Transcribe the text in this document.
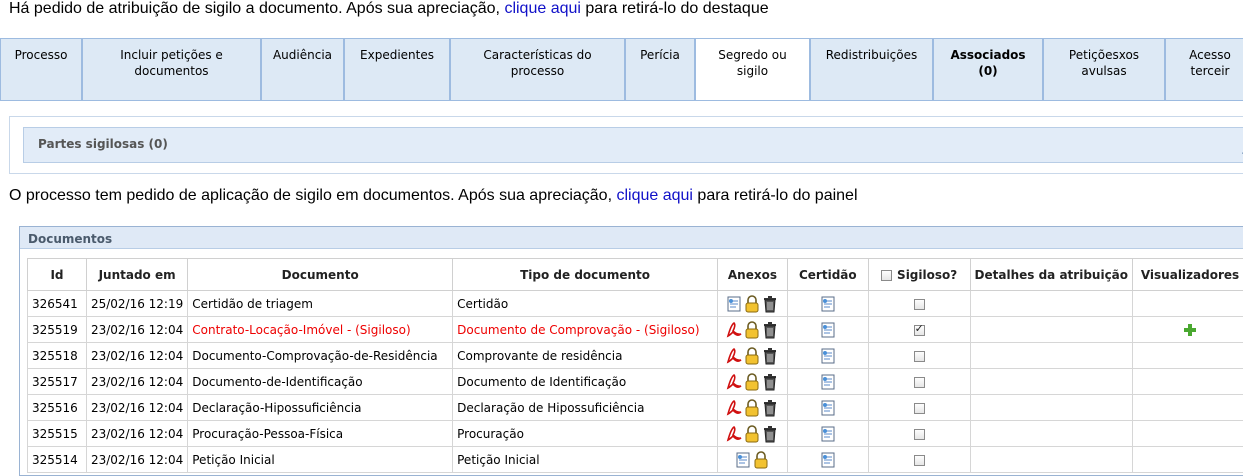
Há pedido de atribuição de sigilo a documento. Após sua apreciação, clique aqui para retirá-lo do destaque
Processo	Incluir petições e
documentos
Audiência	Expedientes	Características do
processo
Perícia	Segredo ou
sigilo
Redistribuições	Associados
(0)
Petiçõesxos
avulsas
Acesso
terceir
Partes sigilosas (0)
O processo tem pedido de aplicação de sigilo em documentos. Após sua apreciação, clique aqui para retirá-lo do painel
Documentos
Id	Juntado em	Documento	Tipo de documento	Anexos	Certidão	Sigiloso?	Detalhes da atribuição	Visualizadores
326541	25/02/16 12:19	Certidão de triagem	Certidão					
325519	23/02/16 12:04	Contrato-Locação-Imóvel - (Sigiloso)	Documento de Comprovação - (Sigiloso)			✓		
325518	23/02/16 12:04	Documento-Comprovação-de-Residência	Comprovante de residência					
325517	23/02/16 12:04	Documento-de-Identificação	Documento de Identificação					
325516	23/02/16 12:04	Declaração-Hipossuficiência	Declaração de Hipossuficiência					
325515	23/02/16 12:04	Procuração-Pessoa-Física	Procuração					
325514	23/02/16 12:04	Petição Inicial	Petição Inicial					
